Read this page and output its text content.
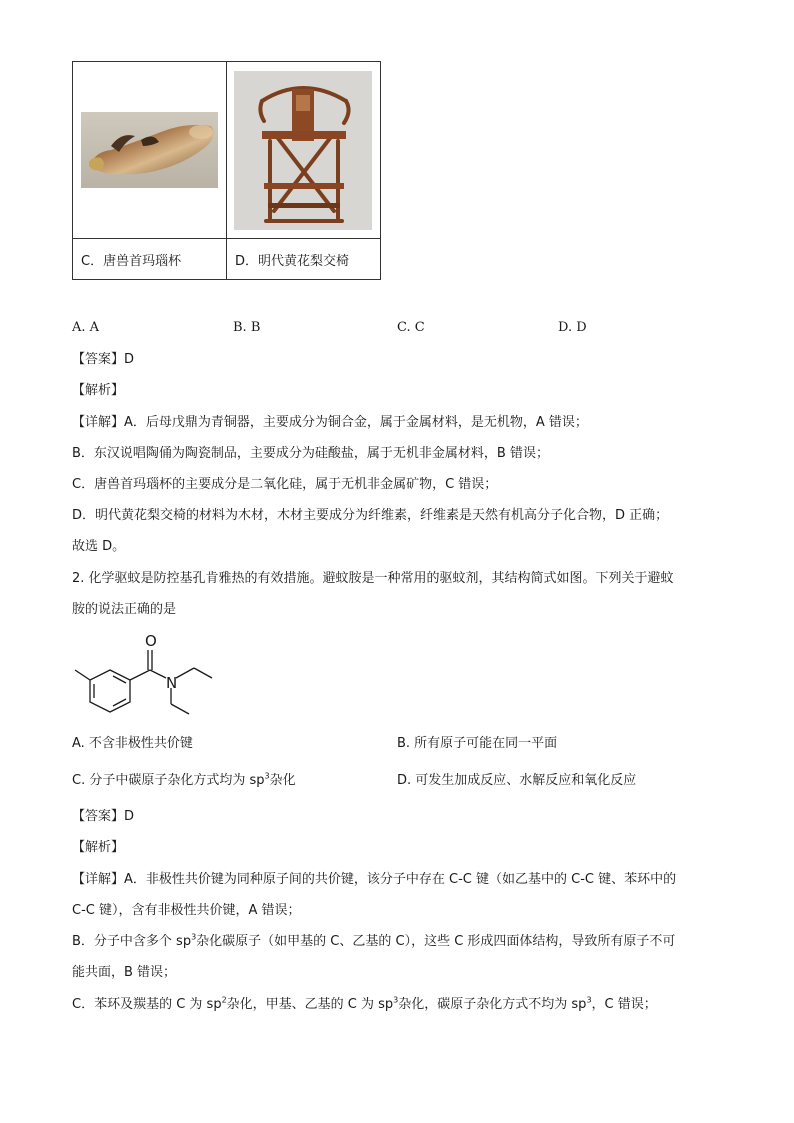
C．唐兽首玛瑙杯	D．明代黄花梨交椅
A. A	B. B	C. C	D. D
【答案】D
【解析】
【详解】A．后母戊鼎为青铜器，主要成分为铜合金，属于金属材料，是无机物，A 错误；
B．东汉说唱陶俑为陶瓷制品，主要成分为硅酸盐，属于无机非金属材料，B 错误；
C．唐兽首玛瑙杯的主要成分是二氧化硅，属于无机非金属矿物，C 错误；
D．明代黄花梨交椅的材料为木材，木材主要成分为纤维素，纤维素是天然有机高分子化合物，D 正确；
故选 D。
2. 化学驱蚊是防控基孔肯雅热的有效措施。避蚊胺是一种常用的驱蚊剂，其结构简式如图。下列关于避蚊
胺的说法正确的是
O
N
A. 不含非极性共价键	B. 所有原子可能在同一平面
C. 分子中碳原子杂化方式均为 $sp^3$杂化	D. 可发生加成反应、水解反应和氧化反应
【答案】D
【解析】
【详解】A．非极性共价键为同种原子间的共价键，该分子中存在 C-C 键（如乙基中的 C-C 键、苯环中的
C-C 键），含有非极性共价键，A 错误；
B．分子中含多个 $sp^3$杂化碳原子（如甲基的 C、乙基的 C），这些 C 形成四面体结构，导致所有原子不可
能共面，B 错误；
C．苯环及羰基的 C 为 $sp^2$杂化，甲基、乙基的 C 为 $sp^3$杂化，碳原子杂化方式不均为 $sp^3$，C 错误；
